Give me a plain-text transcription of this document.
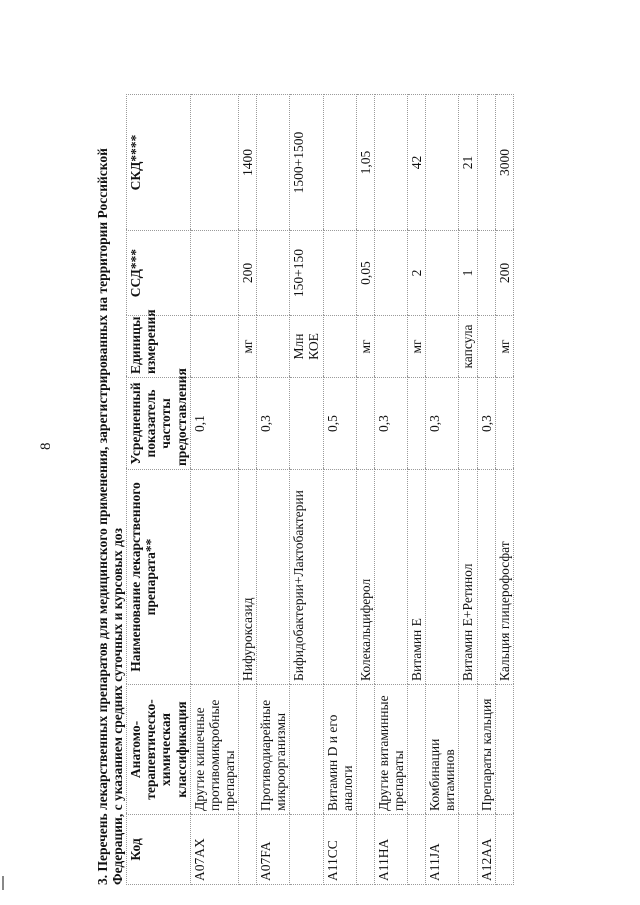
8	3. Перечень лекарственных препаратов для медицинского применения, зарегистрированных на территории Российской Федерации, с указанием средних суточных и курсовых доз Код	Анатомо-терапевтическо-химическая классификация	Наименование лекарственного препарата**	Усредненный показатель частоты предоставления	Единицы измерения	ССД***	СКД****
A07AX	Другие кишечные противомикробные препараты		0,1			
		Нифуроксазид		мг	200	1400
A07FA	Противодиарейные микроорганизмы		0,3			
		Бифидобактерии+Лактобактерии		Млн КОЕ	150+150	1500+1500
A11CC	Витамин D и его аналоги		0,5			
		Колекальциферол		мг	0,05	1,05
A11HA	Другие витаминные препараты		0,3			
		Витамин Е		мг	2	42
A11JA	Комбинации витаминов		0,3			
		Витамин Е+Ретинол		капсула	1	21
A12AA	Препараты кальция		0,3			
		Кальция глицерофосфат		мг	200	3000
